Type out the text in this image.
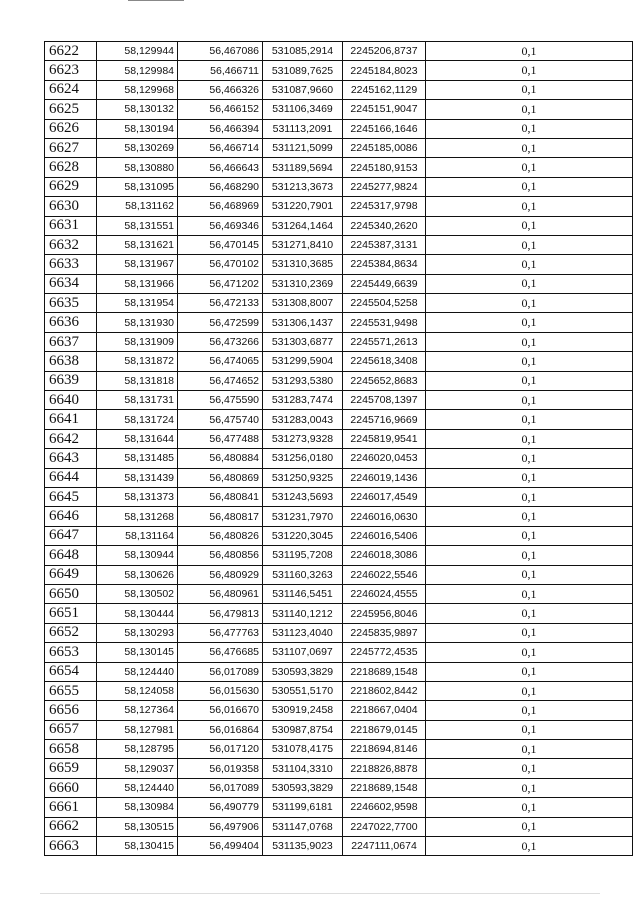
6622	58,129944	56,467086	531085,2914	2245206,8737	0,1
6623	58,129984	56,466711	531089,7625	2245184,8023	0,1
6624	58,129968	56,466326	531087,9660	2245162,1129	0,1
6625	58,130132	56,466152	531106,3469	2245151,9047	0,1
6626	58,130194	56,466394	531113,2091	2245166,1646	0,1
6627	58,130269	56,466714	531121,5099	2245185,0086	0,1
6628	58,130880	56,466643	531189,5694	2245180,9153	0,1
6629	58,131095	56,468290	531213,3673	2245277,9824	0,1
6630	58,131162	56,468969	531220,7901	2245317,9798	0,1
6631	58,131551	56,469346	531264,1464	2245340,2620	0,1
6632	58,131621	56,470145	531271,8410	2245387,3131	0,1
6633	58,131967	56,470102	531310,3685	2245384,8634	0,1
6634	58,131966	56,471202	531310,2369	2245449,6639	0,1
6635	58,131954	56,472133	531308,8007	2245504,5258	0,1
6636	58,131930	56,472599	531306,1437	2245531,9498	0,1
6637	58,131909	56,473266	531303,6877	2245571,2613	0,1
6638	58,131872	56,474065	531299,5904	2245618,3408	0,1
6639	58,131818	56,474652	531293,5380	2245652,8683	0,1
6640	58,131731	56,475590	531283,7474	2245708,1397	0,1
6641	58,131724	56,475740	531283,0043	2245716,9669	0,1
6642	58,131644	56,477488	531273,9328	2245819,9541	0,1
6643	58,131485	56,480884	531256,0180	2246020,0453	0,1
6644	58,131439	56,480869	531250,9325	2246019,1436	0,1
6645	58,131373	56,480841	531243,5693	2246017,4549	0,1
6646	58,131268	56,480817	531231,7970	2246016,0630	0,1
6647	58,131164	56,480826	531220,3045	2246016,5406	0,1
6648	58,130944	56,480856	531195,7208	2246018,3086	0,1
6649	58,130626	56,480929	531160,3263	2246022,5546	0,1
6650	58,130502	56,480961	531146,5451	2246024,4555	0,1
6651	58,130444	56,479813	531140,1212	2245956,8046	0,1
6652	58,130293	56,477763	531123,4040	2245835,9897	0,1
6653	58,130145	56,476685	531107,0697	2245772,4535	0,1
6654	58,124440	56,017089	530593,3829	2218689,1548	0,1
6655	58,124058	56,015630	530551,5170	2218602,8442	0,1
6656	58,127364	56,016670	530919,2458	2218667,0404	0,1
6657	58,127981	56,016864	530987,8754	2218679,0145	0,1
6658	58,128795	56,017120	531078,4175	2218694,8146	0,1
6659	58,129037	56,019358	531104,3310	2218826,8878	0,1
6660	58,124440	56,017089	530593,3829	2218689,1548	0,1
6661	58,130984	56,490779	531199,6181	2246602,9598	0,1
6662	58,130515	56,497906	531147,0768	2247022,7700	0,1
6663	58,130415	56,499404	531135,9023	2247111,0674	0,1
